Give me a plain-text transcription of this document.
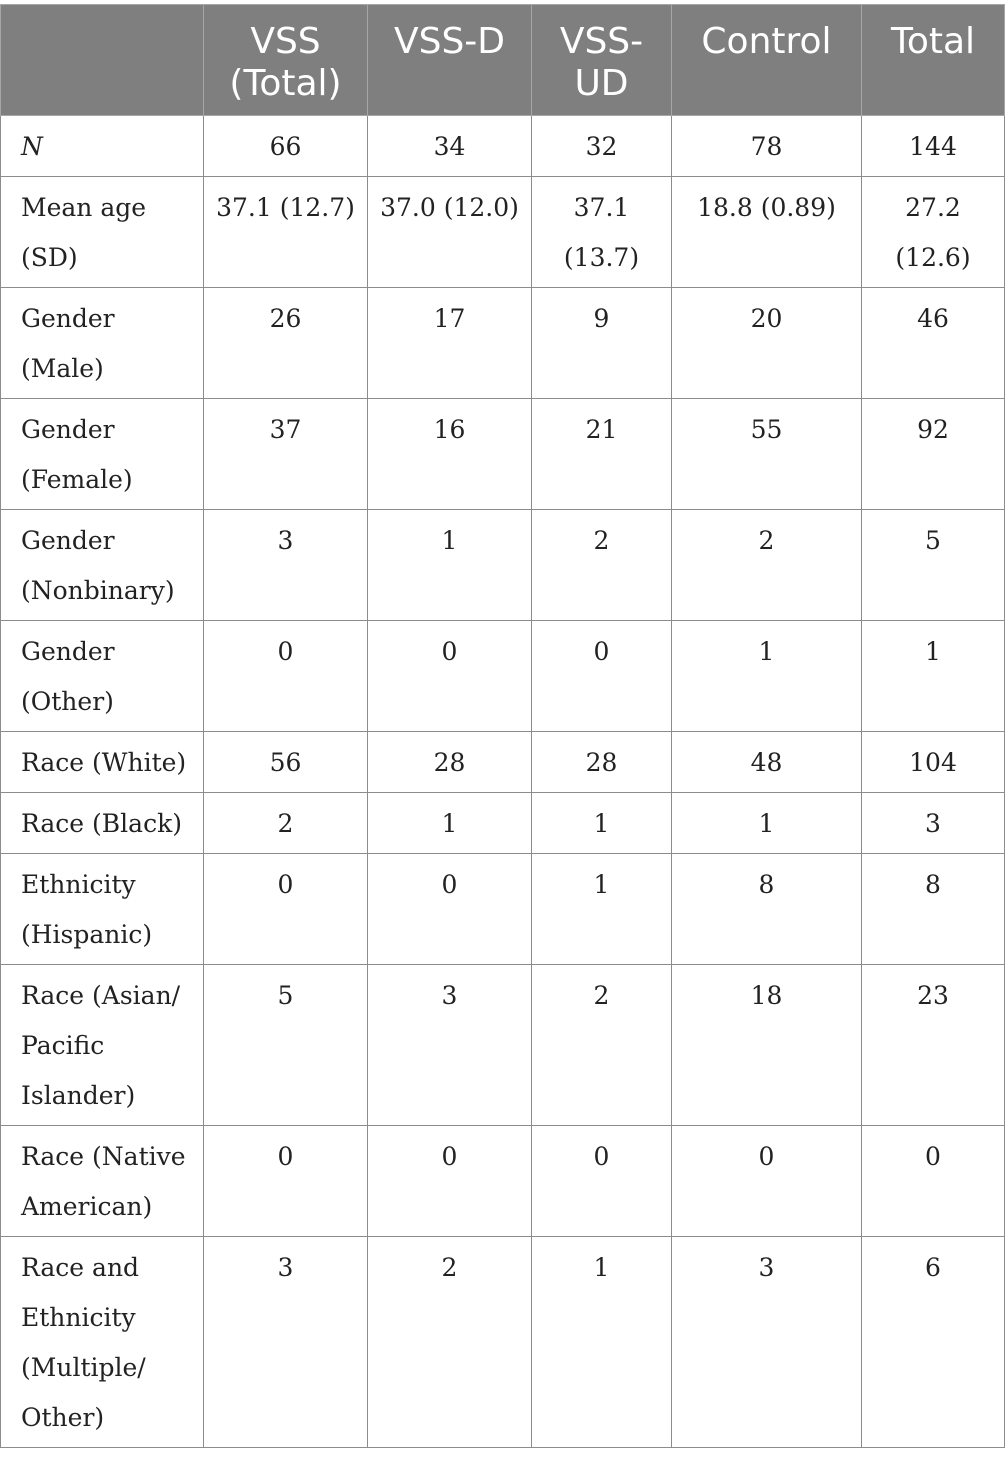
	VSS (Total)	VSS-D	VSS-UD	Control	Total
N	66	34	32	78	144
Mean age (SD)	37.1 (12.7)	37.0 (12.0)	37.1 (13.7)	18.8 (0.89)	27.2 (12.6)
Gender (Male)	26	17	9	20	46
Gender (Female)	37	16	21	55	92
Gender (Nonbinary)	3	1	2	2	5
Gender (Other)	0	0	0	1	1
Race (White)	56	28	28	48	104
Race (Black)	2	1	1	1	3
Ethnicity (Hispanic)	0	0	1	8	8
Race (Asian/ Pacific Islander)	5	3	2	18	23
Race (Native American)	0	0	0	0	0
Race and Ethnicity (Multiple/ Other)	3	2	1	3	6
